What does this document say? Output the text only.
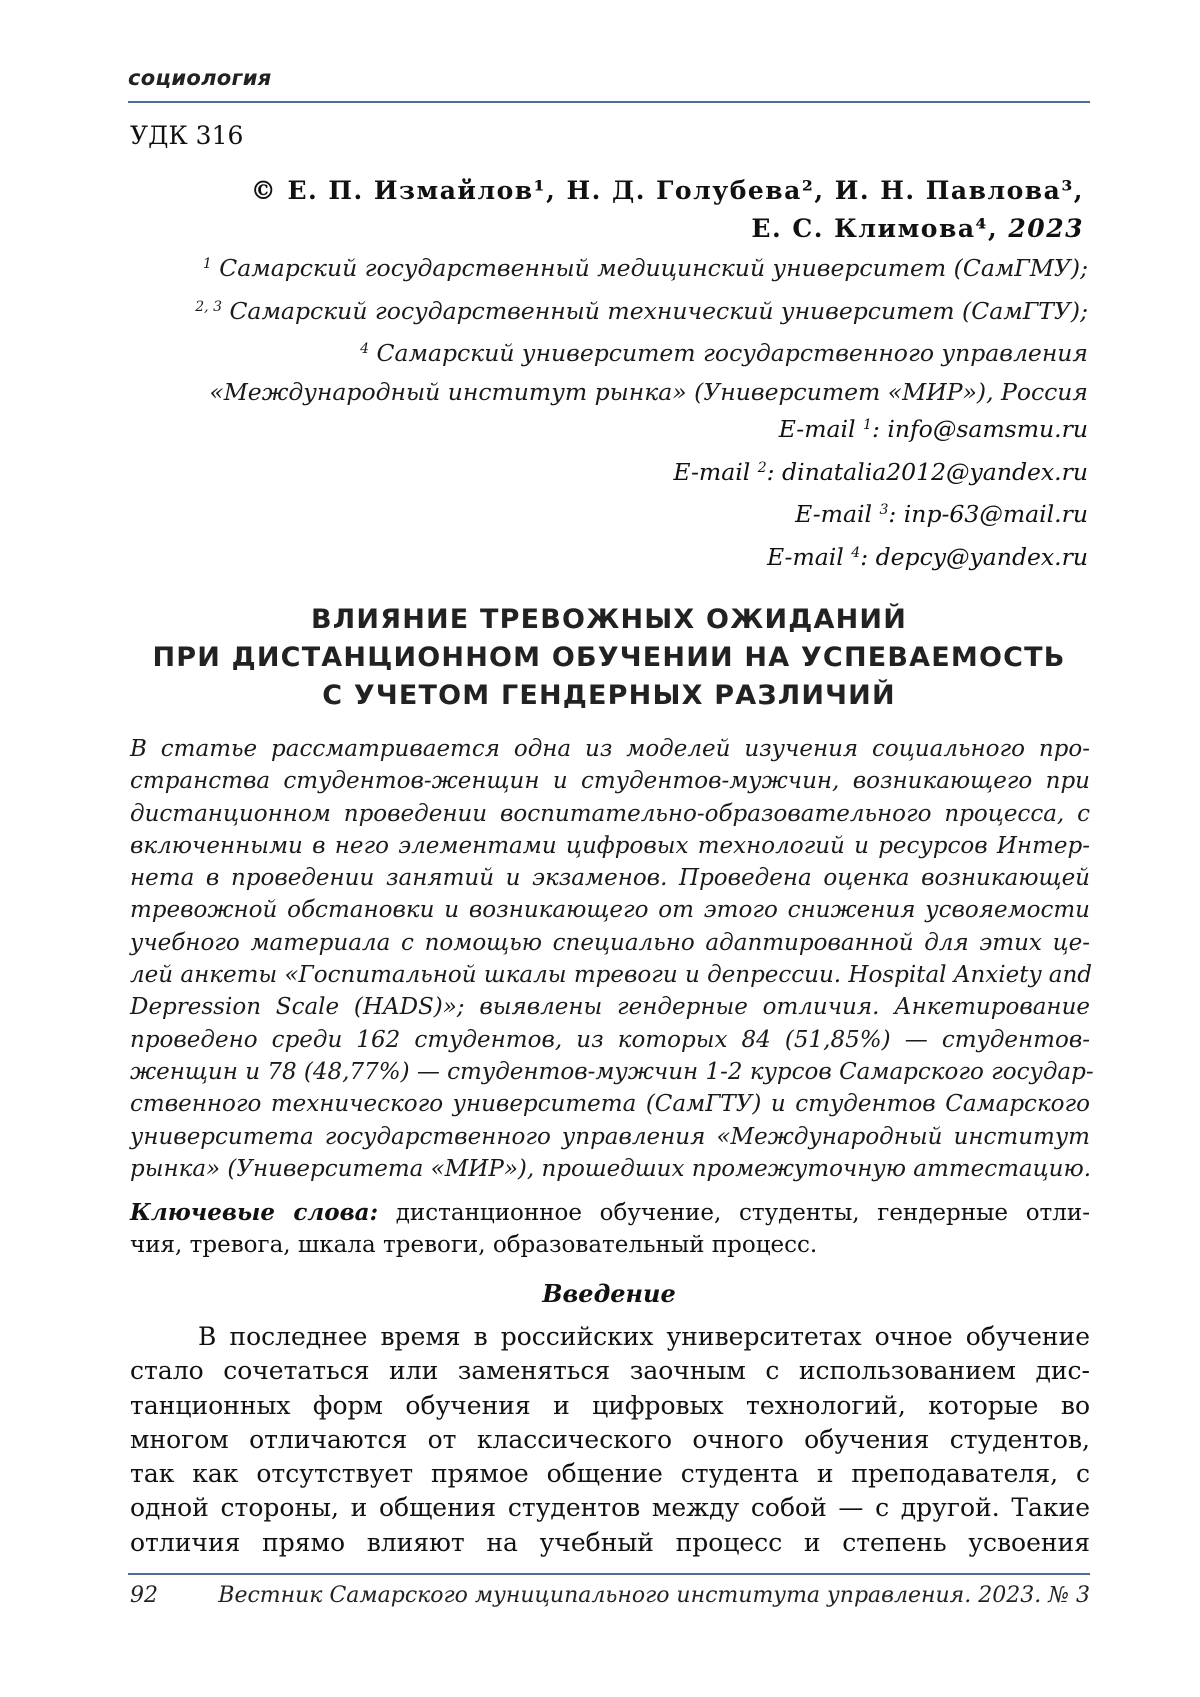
социология
УДК 316
© Е. П. Измайлов¹, Н. Д. Голубева², И. Н. Павлова³,
Е. С. Климова⁴, 2023
$^1$ Самарский государственный медицинский университет (СамГМУ);
$^{2, 3}$ Самарский государственный технический университет (СамГТУ);
$^4$ Самарский университет государственного управления
«Международный институт рынка» (Университет «МИР»), Россия
E-mail $^1$: info@samsmu.ru
E-mail $^2$: dinatalia2012@yandex.ru
E-mail $^3$: inp-63@mail.ru
E-mail $^4$: depcy@yandex.ru
ВЛИЯНИЕ ТРЕВОЖНЫХ ОЖИДАНИЙ
ПРИ ДИСТАНЦИОННОМ ОБУЧЕНИИ НА УСПЕВАЕМОСТЬ
С УЧЕТОМ ГЕНДЕРНЫХ РАЗЛИЧИЙ
В статье рассматривается одна из моделей изучения социального про-
странства студентов-женщин и студентов-мужчин, возникающего при
дистанционном проведении воспитательно-образовательного процесса, с
включенными в него элементами цифровых технологий и ресурсов Интер-
нета в проведении занятий и экзаменов. Проведена оценка возникающей
тревожной обстановки и возникающего от этого снижения усвояемости
учебного материала с помощью специально адаптированной для этих це-
лей анкеты «Госпитальной шкалы тревоги и депрессии. Hospital Anxiety and
Depression Scale (HADS)»; выявлены гендерные отличия. Анкетирование
проведено среди 162 студентов, из которых 84 (51,85%) — студентов-
женщин и 78 (48,77%) — студентов-мужчин 1-2 курсов Самарского государ-
ственного технического университета (СамГТУ) и студентов Самарского
университета государственного управления «Международный институт
рынка» (Университета «МИР»), прошедших промежуточную аттестацию.
Ключевые слова: дистанционное обучение, студенты, гендерные отли-
чия, тревога, шкала тревоги, образовательный процесс.
Введение
В последнее время в российских университетах очное обучение
стало сочетаться или заменяться заочным с использованием дис-
танционных форм обучения и цифровых технологий, которые во
многом отличаются от классического очного обучения студентов,
так как отсутствует прямое общение студента и преподавателя, с
одной стороны, и общения студентов между собой — с другой. Такие
отличия прямо влияют на учебный процесс и степень усвоения
92	Вестник Самарского муниципального института управления. 2023. № 3
